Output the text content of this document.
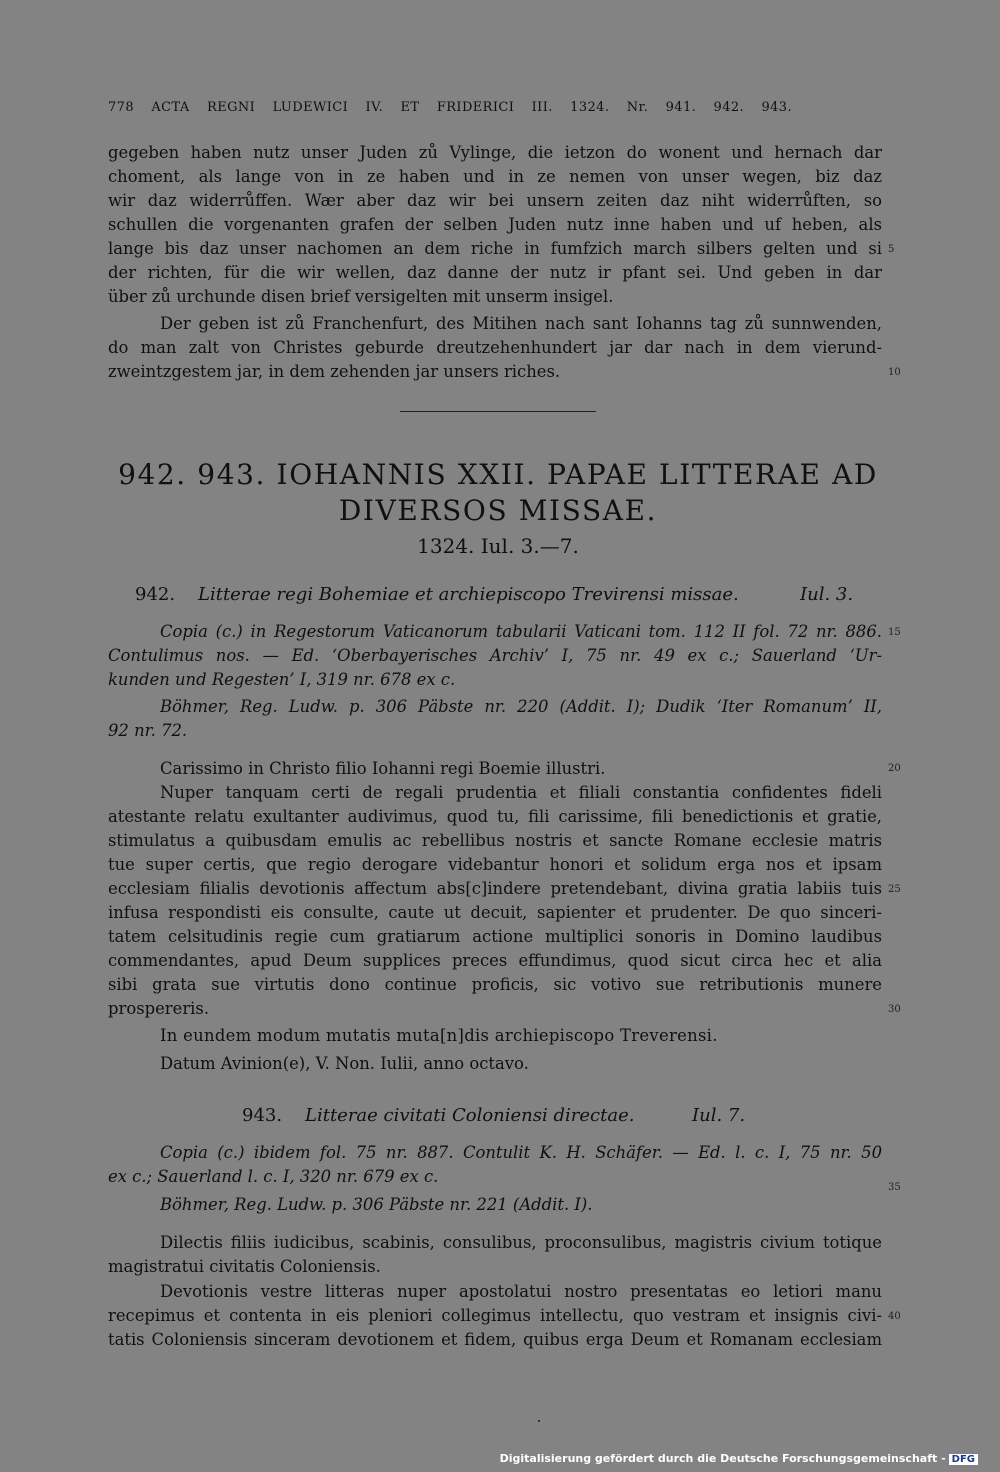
778 ACTA REGNI LUDEWICI IV. ET FRIDERICI III. 1324. Nr. 941. 942. 943.
gegeben haben nutz unser Juden zů Vylinge, die ietzon do wonent und hernach dar
choment, als lange von in ze haben und in ze nemen von unser wegen, biz daz
wir daz widerrůffen. Wær aber daz wir bei unsern zeiten daz niht widerrůften, so
schullen die vorgenanten grafen der selben Juden nutz inne haben und uf heben, als
lange bis daz unser nachomen an dem riche in fumfzich march silbers gelten und si
der richten, für die wir wellen, daz danne der nutz ir pfant sei. Und geben in dar
über zů urchunde disen brief versigelten mit unserm insigel.
Der geben ist zů Franchenfurt, des Mitihen nach sant Iohanns tag zů sunnwenden,
do man zalt von Christes geburde dreutzehenhundert jar dar nach in dem vierund-
zweintzgestem jar, in dem zehenden jar unsers riches.
942. 943. IOHANNIS XXII. PAPAE LITTERAE AD
DIVERSOS MISSAE.
1324. Iul. 3.—7.
942. Litterae regi Bohemiae et archiepiscopo Trevirensi missae.	Iul. 3.
Copia (c.) in Regestorum Vaticanorum tabularii Vaticani tom. 112 II fol. 72 nr. 886.
Contulimus nos. — Ed. ‘Oberbayerisches Archiv’ I, 75 nr. 49 ex c.; Sauerland ‘Ur-
kunden und Regesten’ I, 319 nr. 678 ex c.
Böhmer, Reg. Ludw. p. 306 Päbste nr. 220 (Addit. I); Dudik ‘Iter Romanum’ II,
92 nr. 72.
Carissimo in Christo filio Iohanni regi Boemie illustri.
Nuper tanquam certi de regali prudentia et filiali constantia confidentes fideli
atestante relatu exultanter audivimus, quod tu, fili carissime, fili benedictionis et gratie,
stimulatus a quibusdam emulis ac rebellibus nostris et sancte Romane ecclesie matris
tue super certis, que regio derogare videbantur honori et solidum erga nos et ipsam
ecclesiam filialis devotionis affectum abs[c]indere pretendebant, divina gratia labiis tuis
infusa respondisti eis consulte, caute ut decuit, sapienter et prudenter. De quo sinceri-
tatem celsitudinis regie cum gratiarum actione multiplici sonoris in Domino laudibus
commendantes, apud Deum supplices preces effundimus, quod sicut circa hec et alia
sibi grata sue virtutis dono continue proficis, sic votivo sue retributionis munere
prospereris.
In eundem modum mutatis muta[n]dis archiepiscopo Treverensi.
Datum Avinion(e), V. Non. Iulii, anno octavo.
943. Litterae civitati Coloniensi directae.	Iul. 7.
Copia (c.) ibidem fol. 75 nr. 887. Contulit K. H. Schäfer. — Ed. l. c. I, 75 nr. 50
ex c.; Sauerland l. c. I, 320 nr. 679 ex c.
Böhmer, Reg. Ludw. p. 306 Päbste nr. 221 (Addit. I).
Dilectis filiis iudicibus, scabinis, consulibus, proconsulibus, magistris civium totique
magistratui civitatis Coloniensis.
Devotionis vestre litteras nuper apostolatui nostro presentatas eo letiori manu
recepimus et contenta in eis pleniori collegimus intellectu, quo vestram et insignis civi-
tatis Coloniensis sinceram devotionem et fidem, quibus erga Deum et Romanam ecclesiam
5
10
15
20
25
30
35
40
Digitalisierung gefördert durch die Deutsche Forschungsgemeinschaft - DFG
